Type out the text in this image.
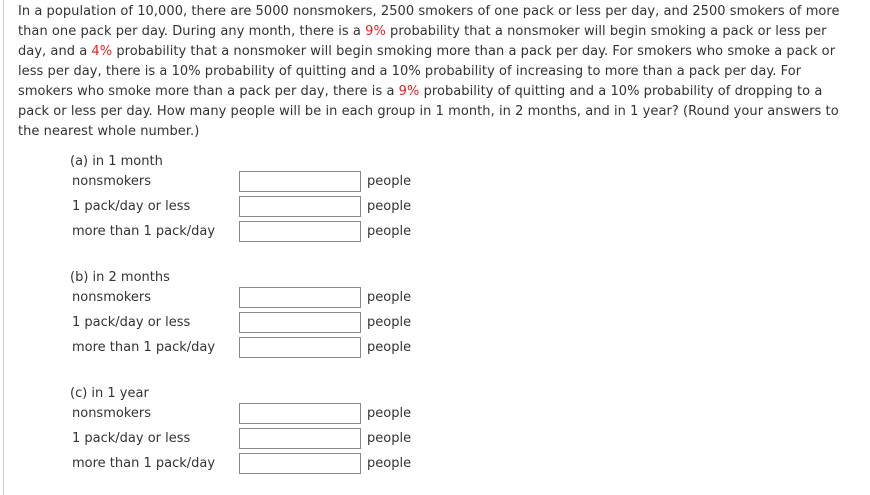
In a population of 10,000, there are 5000 nonsmokers, 2500 smokers of one pack or less per day, and 2500 smokers of more than one pack per day. During any month, there is a 9% probability that a nonsmoker will begin smoking a pack or less per day, and a 4% probability that a nonsmoker will begin smoking more than a pack per day. For smokers who smoke a pack or less per day, there is a 10% probability of quitting and a 10% probability of increasing to more than a pack per day. For smokers who smoke more than a pack per day, there is a 9% probability of quitting and a 10% probability of dropping to a pack or less per day. How many people will be in each group in 1 month, in 2 months, and in 1 year? (Round your answers to the nearest whole number.)

(a) in 1 month
nonsmokers	people
1 pack/day or less	people
more than 1 pack/day	people
(b) in 2 months
nonsmokers	people
1 pack/day or less	people
more than 1 pack/day	people
(c) in 1 year
nonsmokers	people
1 pack/day or less	people
more than 1 pack/day	people
